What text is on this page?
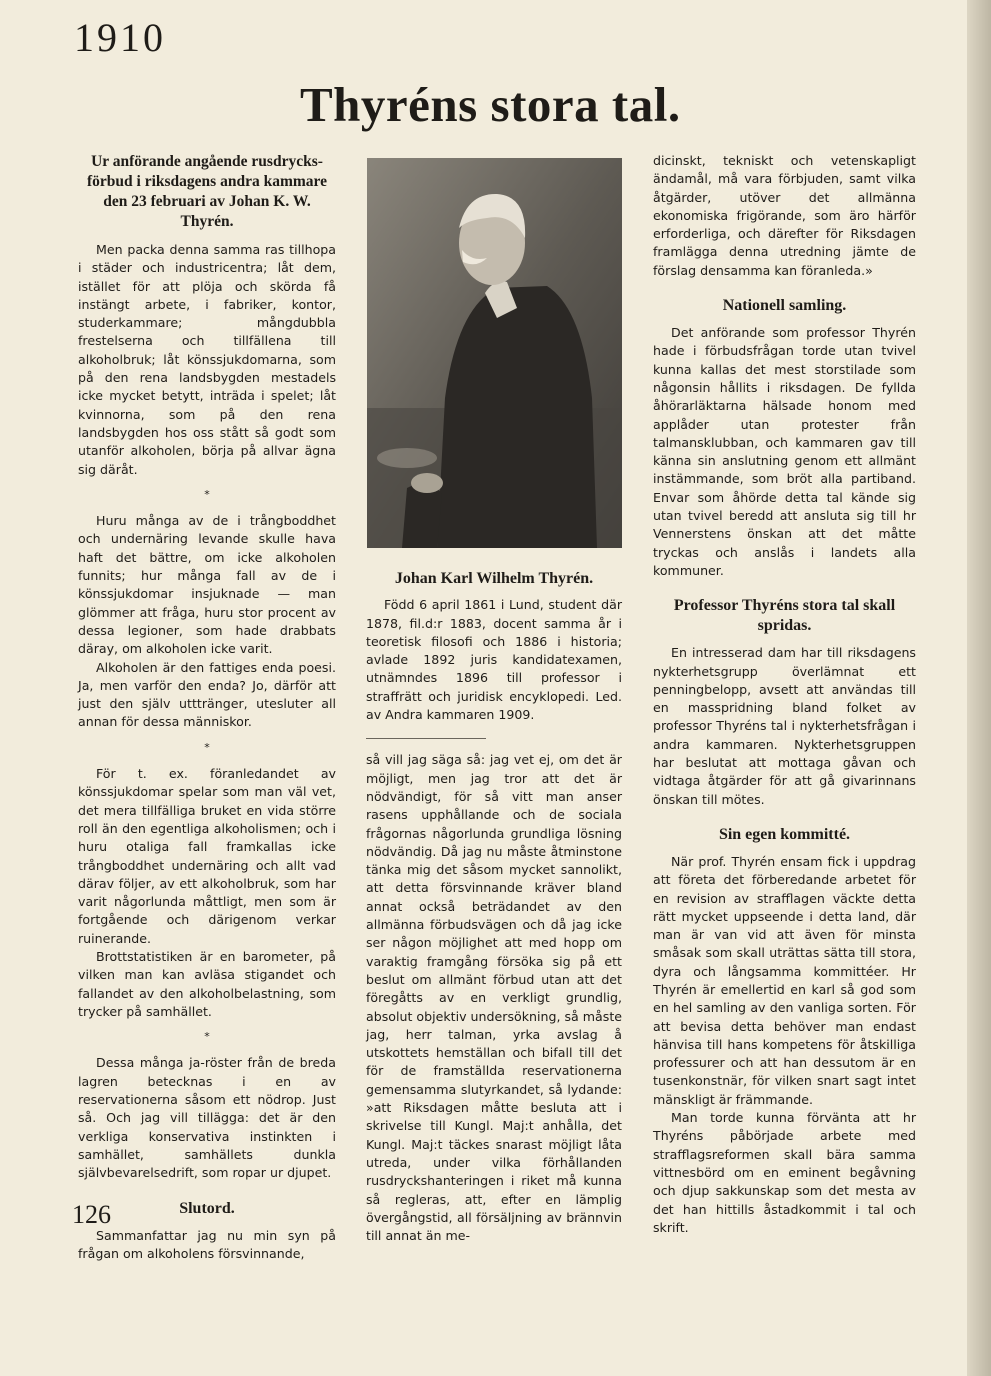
1910
Thyréns stora tal.
Ur anförande angående rusdrycksförbud i riksdagens andra kammare den 23 februari av Johan K. W. Thyrén.

Men packa denna samma ras tillhopa i städer och industricentra; låt dem, istället för att plöja och skörda få instängt arbete, i fabriker, kontor, studerkammare; mångdubbla frestelserna och tillfällena till alkoholbruk; låt könssjukdomarna, som på den rena landsbygden mestadels icke mycket betytt, inträda i spelet; låt kvinnorna, som på den rena landsbygden hos oss stått så godt som utanför alkoholen, börja på allvar ägna sig däråt.

*

Huru många av de i trångboddhet och undernäring levande skulle hava haft det bättre, om icke alkoholen funnits; hur många fall av de i könssjukdomar insjuknade — man glömmer att fråga, huru stor procent av dessa legioner, som hade drabbats däray, om alkoholen icke varit.

Alkoholen är den fattiges enda poesi. Ja, men varför den enda? Jo, därför att just den själv utttränger, utesluter all annan för dessa människor.

*

För t. ex. föranledandet av könssjukdomar spelar som man väl vet, det mera tillfälliga bruket en vida större roll än den egentliga alkoholismen; och i huru otaliga fall framkallas icke trångboddhet undernäring och allt vad därav följer, av ett alkoholbruk, som har varit någorlunda måttligt, men som är fortgående och därigenom verkar ruinerande.

Brottstatistiken är en barometer, på vilken man kan avläsa stigandet och fallandet av den alkoholbelastning, som trycker på samhället.

*

Dessa många ja-röster från de breda lagren betecknas i en av reservationerna såsom ett nödrop. Just så. Och jag vill tillägga: det är den verkliga konservativa instinkten i samhället, samhällets dunkla självbevarelsedrift, som ropar ur djupet.

Slutord.

Sammanfattar jag nu min syn på frågan om alkoholens försvinnande,

Johan Karl Wilhelm Thyrén.

Född 6 april 1861 i Lund, student där 1878, fil.d:r 1883, docent samma år i teoretisk filosofi och 1886 i historia; avlade 1892 juris kandidatexamen, utnämndes 1896 till professor i straffrätt och juridisk encyklopedi. Led. av Andra kammaren 1909.

så vill jag säga så: jag vet ej, om det är möjligt, men jag tror att det är nödvändigt, för så vitt man anser rasens upphållande och de sociala frågornas någorlunda grundliga lösning nödvändig. Då jag nu måste åtminstone tänka mig det såsom mycket sannolikt, att detta försvinnande kräver bland annat också beträdandet av den allmänna förbudsvägen och då jag icke ser någon möjlighet att med hopp om varaktig framgång försöka sig på ett beslut om allmänt förbud utan att det föregåtts av en verkligt grundlig, absolut objektiv undersökning, så måste jag, herr talman, yrka avslag å utskottets hemställan och bifall till det för de framställda reservationerna gemensamma slutyrkandet, så lydande: »att Riksdagen måtte besluta att i skrivelse till Kungl. Maj:t anhålla, det Kungl. Maj:t täckes snarast möjligt låta utreda, under vilka förhållanden rusdryckshanteringen i riket må kunna så regleras, att, efter en lämplig övergångstid, all försäljning av brännvin till annat än me-

dicinskt, tekniskt och vetenskapligt ändamål, må vara förbjuden, samt vilka åtgärder, utöver det allmänna ekonomiska frigörande, som äro härför erforderliga, och därefter för Riksdagen framlägga denna utredning jämte de förslag densamma kan föranleda.»

Nationell samling.

Det anförande som professor Thyrén hade i förbudsfrågan torde utan tvivel kunna kallas det mest storstilade som någonsin hållits i riksdagen. De fyllda åhörarläktarna hälsade honom med applåder utan protester från talmansklubban, och kammaren gav till känna sin anslutning genom ett allmänt instämmande, som bröt alla partiband. Envar som åhörde detta tal kände sig utan tvivel beredd att ansluta sig till hr Vennerstens önskan att det måtte tryckas och anslås i landets alla kommuner.

Professor Thyréns stora tal skall spridas.

En intresserad dam har till riksdagens nykterhetsgrupp överlämnat ett penningbelopp, avsett att användas till en masspridning bland folket av professor Thyréns tal i nykterhetsfrågan i andra kammaren. Nykterhetsgruppen har beslutat att mottaga gåvan och vidtaga åtgärder för att gå givarinnans önskan till mötes.

Sin egen kommitté.

När prof. Thyrén ensam fick i uppdrag att företa det förberedande arbetet för en revision av strafflagen väckte detta rätt mycket uppseende i detta land, där man är van vid att även för minsta småsak som skall uträttas sätta till stora, dyra och långsamma kommittéer. Hr Thyrén är emellertid en karl så god som en hel samling av den vanliga sorten. För att bevisa detta behöver man endast hänvisa till hans kompetens för åtskilliga professurer och att han dessutom är en tusenkonstnär, för vilken snart sagt intet mänskligt är främmande.

Man torde kunna förvänta att hr Thyréns påbörjade arbete med strafflagsreformen skall bära samma vittnesbörd om en eminent begåvning och djup sakkunskap som det mesta av det han hittills åstadkommit i tal och skrift.

126
